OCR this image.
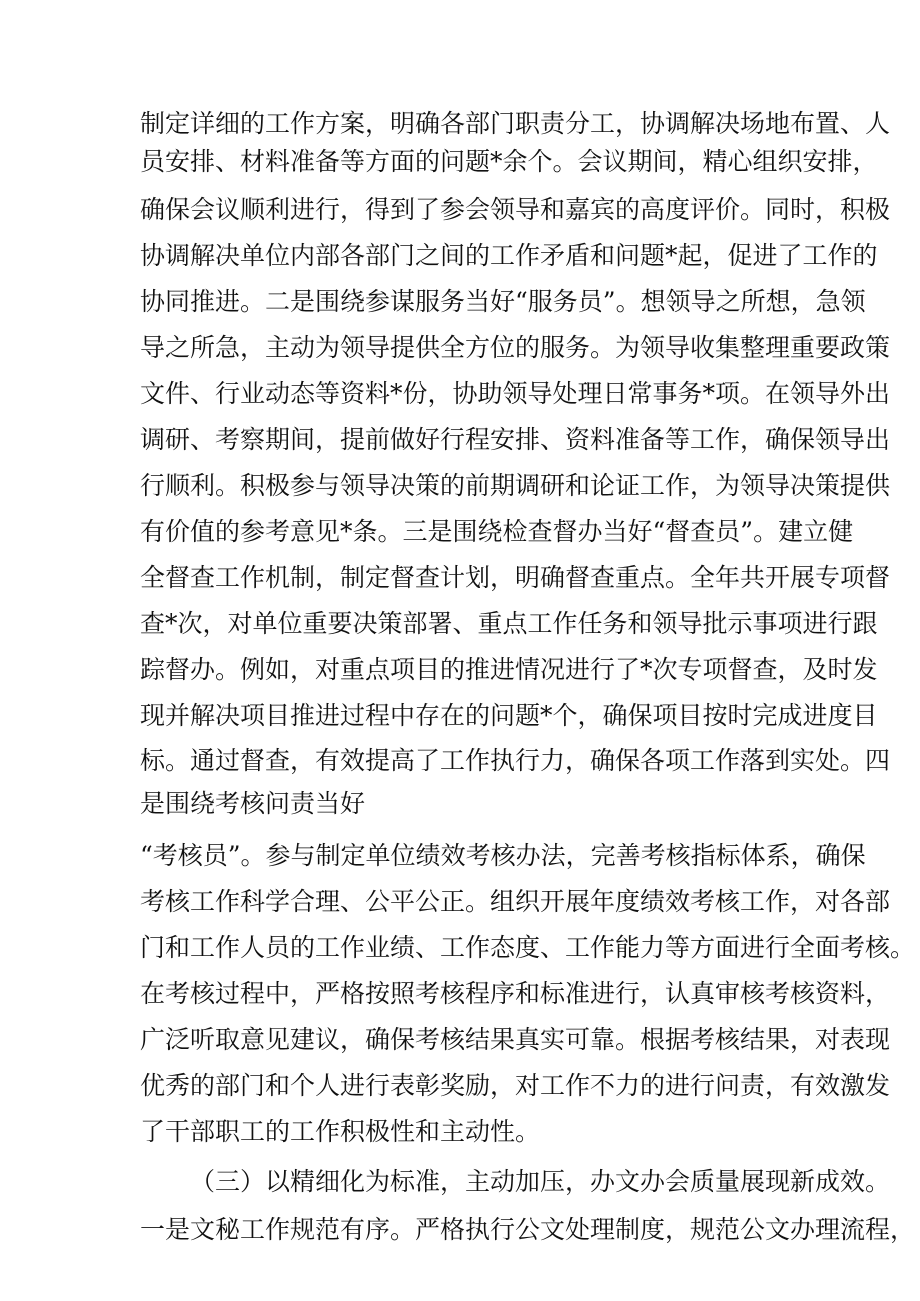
制定详细的工作方案，明确各部门职责分工，协调解决场地布置、人
员安排、材料准备等方面的问题*余个。会议期间，精心组织安排，
确保会议顺利进行，得到了参会领导和嘉宾的高度评价。同时，积极
协调解决单位内部各部门之间的工作矛盾和问题*起，促进了工作的
协同推进。二是围绕参谋服务当好“服务员”。想领导之所想，急领
导之所急，主动为领导提供全方位的服务。为领导收集整理重要政策
文件、行业动态等资料*份，协助领导处理日常事务*项。在领导外出
调研、考察期间，提前做好行程安排、资料准备等工作，确保领导出
行顺利。积极参与领导决策的前期调研和论证工作，为领导决策提供
有价值的参考意见*条。三是围绕检查督办当好“督查员”。建立健
全督查工作机制，制定督查计划，明确督查重点。全年共开展专项督
查*次，对单位重要决策部署、重点工作任务和领导批示事项进行跟
踪督办。例如，对重点项目的推进情况进行了*次专项督查，及时发
现并解决项目推进过程中存在的问题*个，确保项目按时完成进度目
标。通过督查，有效提高了工作执行力，确保各项工作落到实处。四
是围绕考核问责当好
“考核员”。参与制定单位绩效考核办法，完善考核指标体系，确保
考核工作科学合理、公平公正。组织开展年度绩效考核工作，对各部
门和工作人员的工作业绩、工作态度、工作能力等方面进行全面考核。
在考核过程中，严格按照考核程序和标准进行，认真审核考核资料，
广泛听取意见建议，确保考核结果真实可靠。根据考核结果，对表现
优秀的部门和个人进行表彰奖励，对工作不力的进行问责，有效激发
了干部职工的工作积极性和主动性。
（三）以精细化为标准，主动加压，办文办会质量展现新成效。
一是文秘工作规范有序。严格执行公文处理制度，规范公文办理流程，
